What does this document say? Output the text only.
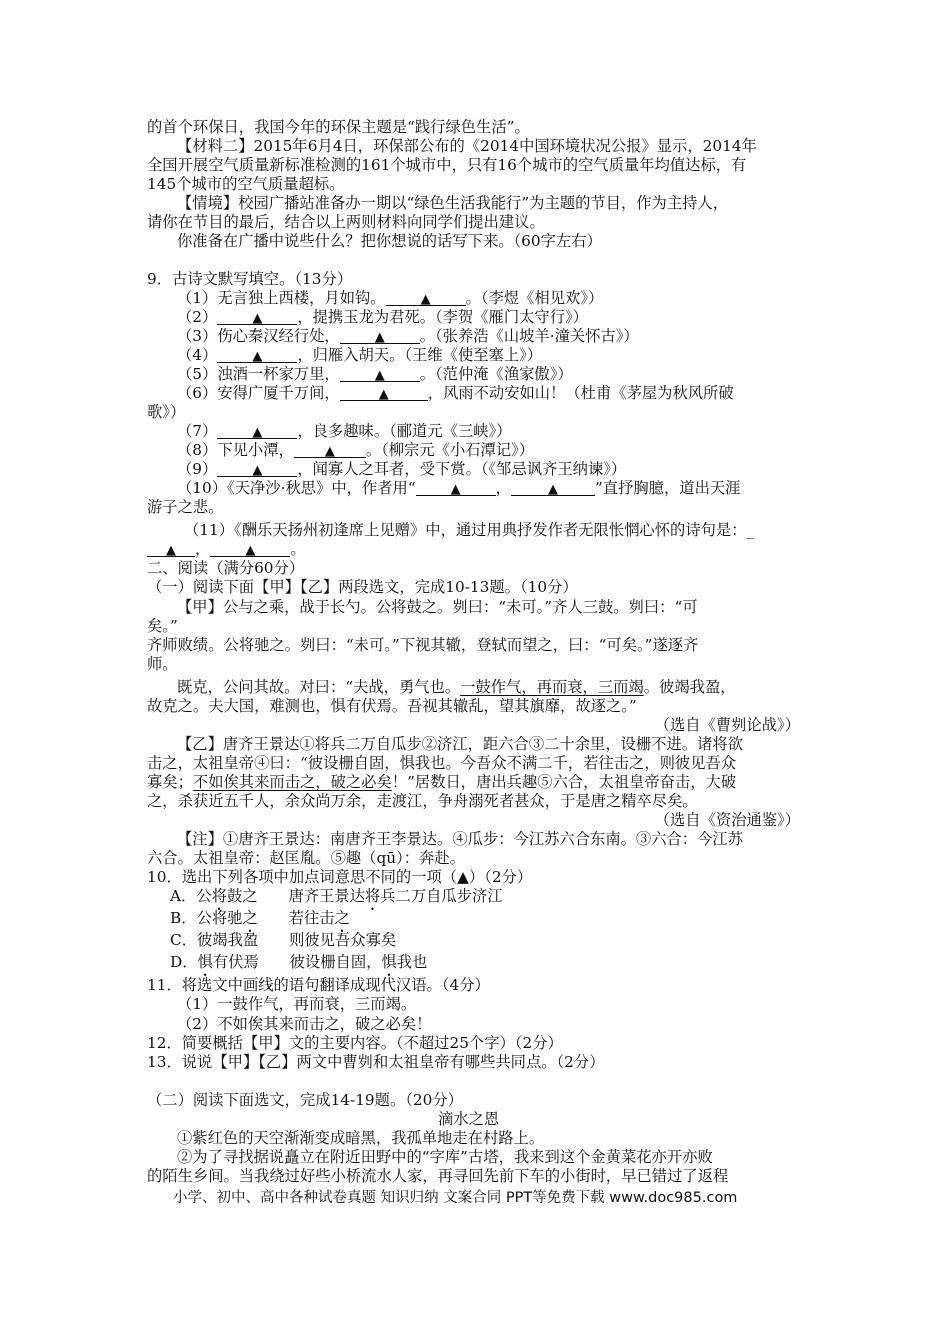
的首个环保日，我国今年的环保主题是“践行绿色生活”。
【材料二】2015年6月4日，环保部公布的《2014中国环境状况公报》显示，2014年
全国开展空气质量新标准检测的161个城市中，只有16个城市的空气质量年均值达标，有
145个城市的空气质量超标。
【情境】校园广播站准备办一期以“绿色生活我能行”为主题的节目，作为主持人，
请你在节目的最后，结合以上两则材料向同学们提出建议。
你准备在广播中说些什么？把你想说的话写下来。（60字左右）
9．古诗文默写填空。（13分）
（1）无言独上西楼，月如钩。	▲ 。（李煜《相见欢》）
（2）	▲ ，提携玉龙为君死。（李贺《雁门太守行》）
（3）伤心秦汉经行处，	▲ 。（张养浩《山坡羊·潼关怀古》）
（4）	▲ ，归雁入胡天。（王维《使至塞上》）
（5）浊酒一杯家万里，	▲ 。（范仲淹《渔家傲》）
（6）安得广厦千万间，	▲	，风雨不动安如山！（杜甫《茅屋为秋风所破
歌》）
（7）	▲ ，良多趣味。（郦道元《三峡》）
（8）下见小潭， ▲ 。（柳宗元《小石潭记》）
（9）	▲ ，闻寡人之耳者，受下赏。（《邹忌讽齐王纳谏》）
（10）《天净沙·秋思》中，作者用“	▲ ，	▲ ”直抒胸臆，道出天涯
游子之悲。
（11）《酬乐天扬州初逢席上见赠》中，通过用典抒发作者无限怅惘心怀的诗句是：_
▲ ，	▲ 。
二、阅读（满分60分）
（一）阅读下面【甲】【乙】两段选文，完成10-13题。（10分）
【甲】公与之乘，战于长勺。公将鼓之。刿曰：“未可。”齐人三鼓。刿曰：“可
矣。”
齐师败绩。公将驰之。刿曰：“未可。”下视其辙，登轼而望之，曰：“可矣。”遂逐齐
师。
既克，公问其故。对曰：“夫战，勇气也。一鼓作气，再而衰，三而竭。彼竭我盈，
故克之。夫大国，难测也，惧有伏焉。吾视其辙乱，望其旗靡，故逐之。”
（选自《曹刿论战》）
【乙】唐齐王景达①将兵二万自瓜步②济江，距六合③二十余里，设栅不进。诸将欲
击之，太祖皇帝④曰：“彼设栅自固，惧我也。今吾众不满二千，若往击之，则彼见吾众
寡矣；不如俟其来而击之，破之必矣！”居数日，唐出兵趣⑤六合，太祖皇帝奋击，大破
之，杀获近五千人，余众尚万余，走渡江，争舟溺死者甚众，于是唐之精卒尽矣。
（选自《资治通鉴》）
【注】①唐齐王景达：南唐齐王李景达。④瓜步：今江苏六合东南。③六合：今江苏
六合。太祖皇帝：赵匡胤。⑤趣（qū）：奔赴。
10．选出下列各项中加点词意思不同的一项（▲）（2分）
A．公将鼓之 唐齐王景达将兵二万自瓜步济江
B．公将驰之 若往击之
C．彼竭我盈 则彼见吾众寡矣
D．惧有伏焉 彼设栅自固，惧我也
11．将选文中画线的语句翻译成现代汉语。（4分）
（1）一鼓作气，再而衰，三而竭。
（2）不如俟其来而击之，破之必矣！
12．简要概括【甲】文的主要内容。（不超过25个字）（2分）
13．说说【甲】【乙】两文中曹刿和太祖皇帝有哪些共同点。（2分）
（二）阅读下面选文，完成14-19题。（20分）
滴水之恩
①紫红色的天空渐渐变成暗黑，我孤单地走在村路上。
②为了寻找据说矗立在附近田野中的“字库”古塔，我来到这个金黄菜花亦开亦败
的陌生乡间。当我绕过好些小桥流水人家，再寻回先前下车的小街时，早已错过了返程
小学、初中、高中各种试卷真题 知识归纳 文案合同 PPT等免费下载 www.doc985.com
